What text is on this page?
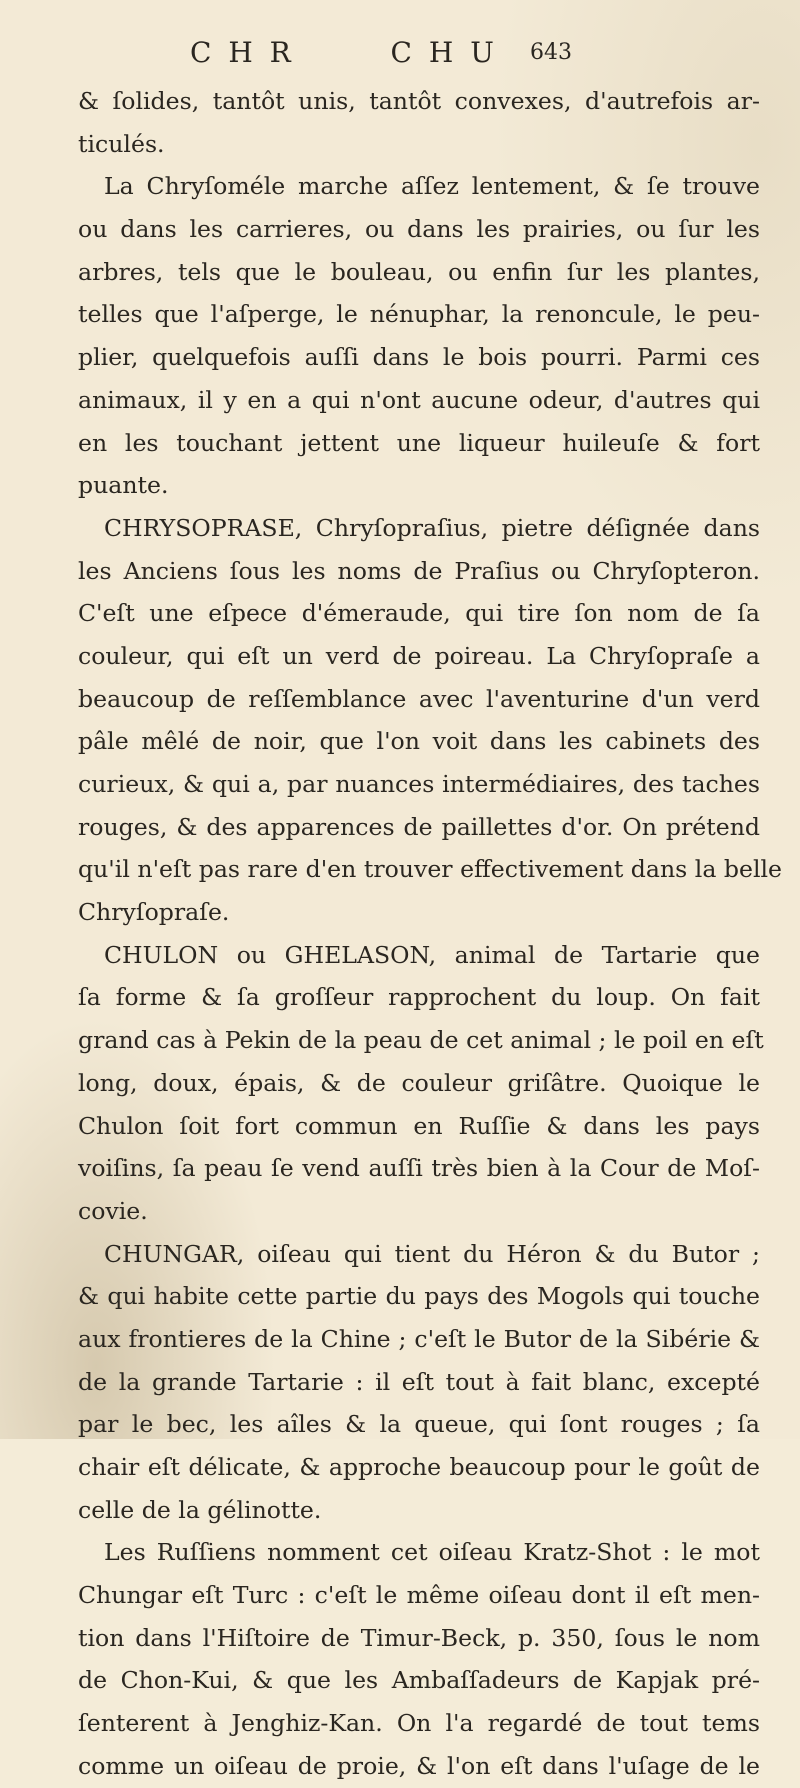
C H R	C H U 643
& ſolides, tantôt unis, tantôt convexes, d'autrefois ar-
ticulés.
La Chryſoméle marche aſſez lentement, & ſe trouve
ou dans les carrieres, ou dans les prairies, ou ſur les
arbres, tels que le bouleau, ou enfin ſur les plantes,
telles que l'aſperge, le nénuphar, la renoncule, le peu-
plier, quelquefois auſſi dans le bois pourri. Parmi ces
animaux, il y en a qui n'ont aucune odeur, d'autres qui
en les touchant jettent une liqueur huileuſe & fort
puante.
CHRYSOPRASE, Chryſopraſius, pietre déſignée dans
les Anciens ſous les noms de Praſius ou Chryſopteron.
C'eſt une eſpece d'émeraude, qui tire ſon nom de ſa
couleur, qui eſt un verd de poireau. La Chryſopraſe a
beaucoup de reſſemblance avec l'aventurine d'un verd
pâle mêlé de noir, que l'on voit dans les cabinets des
curieux, & qui a, par nuances intermédiaires, des taches
rouges, & des apparences de paillettes d'or. On prétend
qu'il n'eſt pas rare d'en trouver effectivement dans la belle
Chryſopraſe.
CHULON ou GHELASON, animal de Tartarie que
ſa forme & ſa groſſeur rapprochent du loup. On fait
grand cas à Pekin de la peau de cet animal ; le poil en eſt
long, doux, épais, & de couleur griſâtre. Quoique le
Chulon ſoit fort commun en Ruſſie & dans les pays
voiſins, ſa peau ſe vend auſſi très bien à la Cour de Moſ-
covie.
CHUNGAR, oiſeau qui tient du Héron & du Butor ;
& qui habite cette partie du pays des Mogols qui touche
aux frontieres de la Chine ; c'eſt le Butor de la Sibérie &
de la grande Tartarie : il eſt tout à fait blanc, excepté
par le bec, les aîles & la queue, qui ſont rouges ; ſa
chair eſt délicate, & approche beaucoup pour le goût de
celle de la gélinotte.
Les Ruſſiens nomment cet oiſeau Kratz-Shot : le mot
Chungar eſt Turc : c'eſt le même oiſeau dont il eſt men-
tion dans l'Hiſtoire de Timur-Beck, p. 350, ſous le nom
de Chon-Kui, & que les Ambaſſadeurs de Kapjak pré-
ſenterent à Jenghiz-Kan. On l'a regardé de tout tems
comme un oiſeau de proie, & l'on eſt dans l'uſage de le
